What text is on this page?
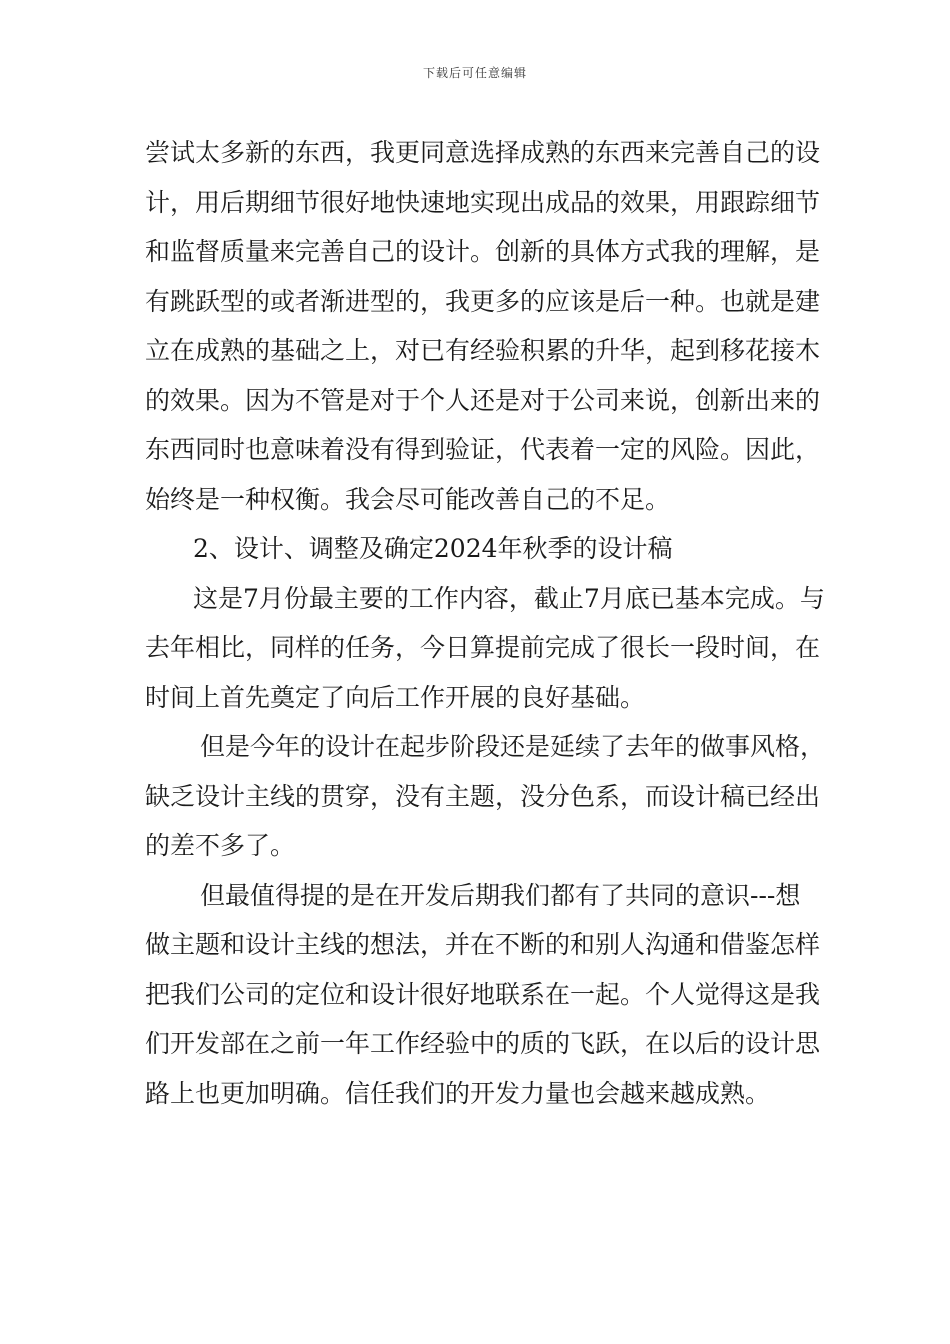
下载后可任意编辑

尝试太多新的东西，我更同意选择成熟的东西来完善自己的设计，用后期细节很好地快速地实现出成品的效果，用跟踪细节和监督质量来完善自己的设计。创新的具体方式我的理解，是有跳跃型的或者渐进型的，我更多的应该是后一种。也就是建立在成熟的基础之上，对已有经验积累的升华，起到移花接木的效果。因为不管是对于个人还是对于公司来说，创新出来的东西同时也意味着没有得到验证，代表着一定的风险。因此，始终是一种权衡。我会尽可能改善自己的不足。

2、设计、调整及确定2024年秋季的设计稿

这是7月份最主要的工作内容，截止7月底已基本完成。与去年相比，同样的任务，今日算提前完成了很长一段时间，在时间上首先奠定了向后工作开展的良好基础。

但是今年的设计在起步阶段还是延续了去年的做事风格，缺乏设计主线的贯穿，没有主题，没分色系，而设计稿已经出的差不多了。

但最值得提的是在开发后期我们都有了共同的意识---想做主题和设计主线的想法，并在不断的和别人沟通和借鉴怎样把我们公司的定位和设计很好地联系在一起。个人觉得这是我们开发部在之前一年工作经验中的质的飞跃，在以后的设计思路上也更加明确。信任我们的开发力量也会越来越成熟。
